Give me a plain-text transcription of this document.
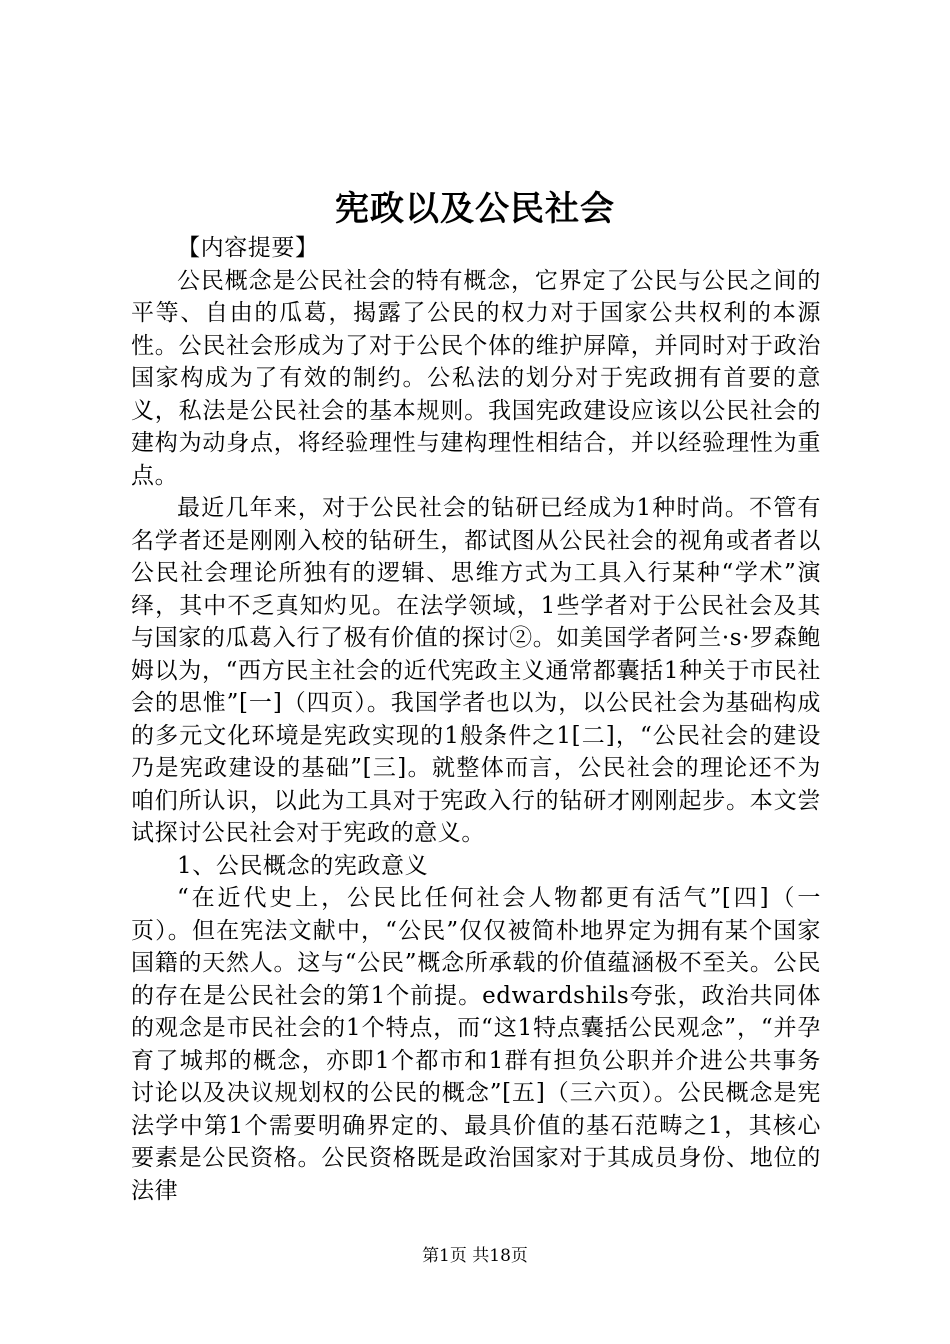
宪政以及公民社会

【内容提要】

公民概念是公民社会的特有概念，它界定了公民与公民之间的平等、自由的瓜葛，揭露了公民的权力对于国家公共权利的本源性。公民社会形成为了对于公民个体的维护屏障，并同时对于政治国家构成为了有效的制约。公私法的划分对于宪政拥有首要的意义，私法是公民社会的基本规则。我国宪政建设应该以公民社会的建构为动身点，将经验理性与建构理性相结合，并以经验理性为重点。

最近几年来，对于公民社会的钻研已经成为1种时尚。不管有名学者还是刚刚入校的钻研生，都试图从公民社会的视角或者者以公民社会理论所独有的逻辑、思维方式为工具入行某种“学术”演绎，其中不乏真知灼见。在法学领域，1些学者对于公民社会及其与国家的瓜葛入行了极有价值的探讨②。如美国学者阿兰·s·罗森鲍姆以为，“西方民主社会的近代宪政主义通常都囊括1种关于市民社会的思惟”[一]（四页）。我国学者也以为，以公民社会为基础构成的多元文化环境是宪政实现的1般条件之1[二]，“公民社会的建设乃是宪政建设的基础”[三]。就整体而言，公民社会的理论还不为咱们所认识，以此为工具对于宪政入行的钻研才刚刚起步。本文尝试探讨公民社会对于宪政的意义。

1、公民概念的宪政意义

“在近代史上，公民比任何社会人物都更有活气”[四]（一页）。但在宪法文献中，“公民”仅仅被简朴地界定为拥有某个国家国籍的天然人。这与“公民”概念所承载的价值蕴涵极不至关。公民的存在是公民社会的第1个前提。edwardshils夸张，政治共同体的观念是市民社会的1个特点，而“这1特点囊括公民观念”，“并孕育了城邦的概念，亦即1个都市和1群有担负公职并介进公共事务讨论以及决议规划权的公民的概念”[五]（三六页）。公民概念是宪法学中第1个需要明确界定的、最具价值的基石范畴之1，其核心要素是公民资格。公民资格既是政治国家对于其成员身份、地位的法律

第1页 共18页
